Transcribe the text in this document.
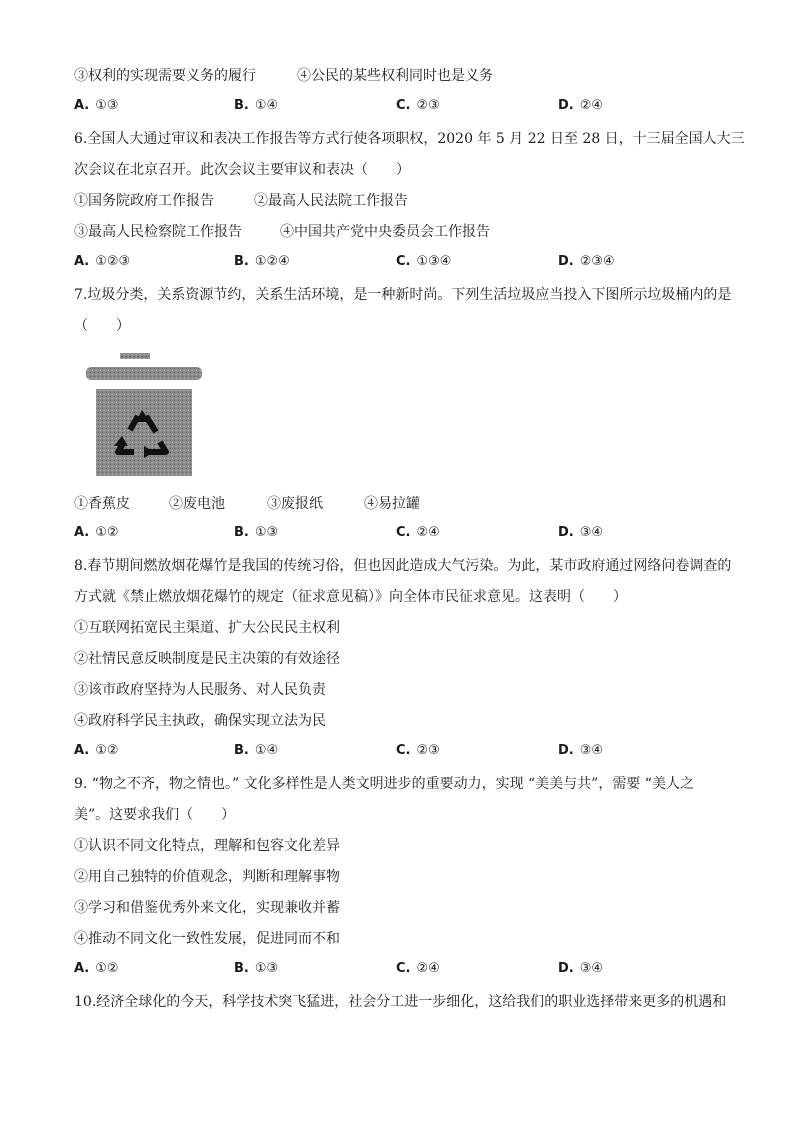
③权利的实现需要义务的履行	④公民的某些权利同时也是义务
A. ①③	B. ①④	C. ②③	D. ②④
6.全国人大通过审议和表决工作报告等方式行使各项职权，2020 年 5 月 22 日至 28 日，十三届全国人大三
次会议在北京召开。此次会议主要审议和表决（　　）
①国务院政府工作报告	②最高人民法院工作报告
③最高人民检察院工作报告	④中国共产党中央委员会工作报告
A. ①②③	B. ①②④	C. ①③④	D. ②③④
7.垃圾分类，关系资源节约，关系生活环境，是一种新时尚。下列生活垃圾应当投入下图所示垃圾桶内的是
（　　）
①香蕉皮	②废电池	③废报纸	④易拉罐
A. ①②	B. ①③	C. ②④	D. ③④
8.春节期间燃放烟花爆竹是我国的传统习俗，但也因此造成大气污染。为此，某市政府通过网络问卷调查的
方式就《禁止燃放烟花爆竹的规定（征求意见稿）》向全体市民征求意见。这表明（　　）
①互联网拓宽民主渠道、扩大公民民主权利
②社情民意反映制度是民主决策的有效途径
③该市政府坚持为人民服务、对人民负责
④政府科学民主执政，确保实现立法为民
A. ①②	B. ①④	C. ②③	D. ③④
9. “物之不齐，物之情也。” 文化多样性是人类文明进步的重要动力，实现 “美美与共”，需要 “美人之
美”。这要求我们（　　）
①认识不同文化特点，理解和包容文化差异
②用自己独特的价值观念，判断和理解事物
③学习和借鉴优秀外来文化，实现兼收并蓄
④推动不同文化一致性发展，促进同而不和
A. ①②	B. ①③	C. ②④	D. ③④
10.经济全球化的今天，科学技术突飞猛进，社会分工进一步细化，这给我们的职业选择带来更多的机遇和
